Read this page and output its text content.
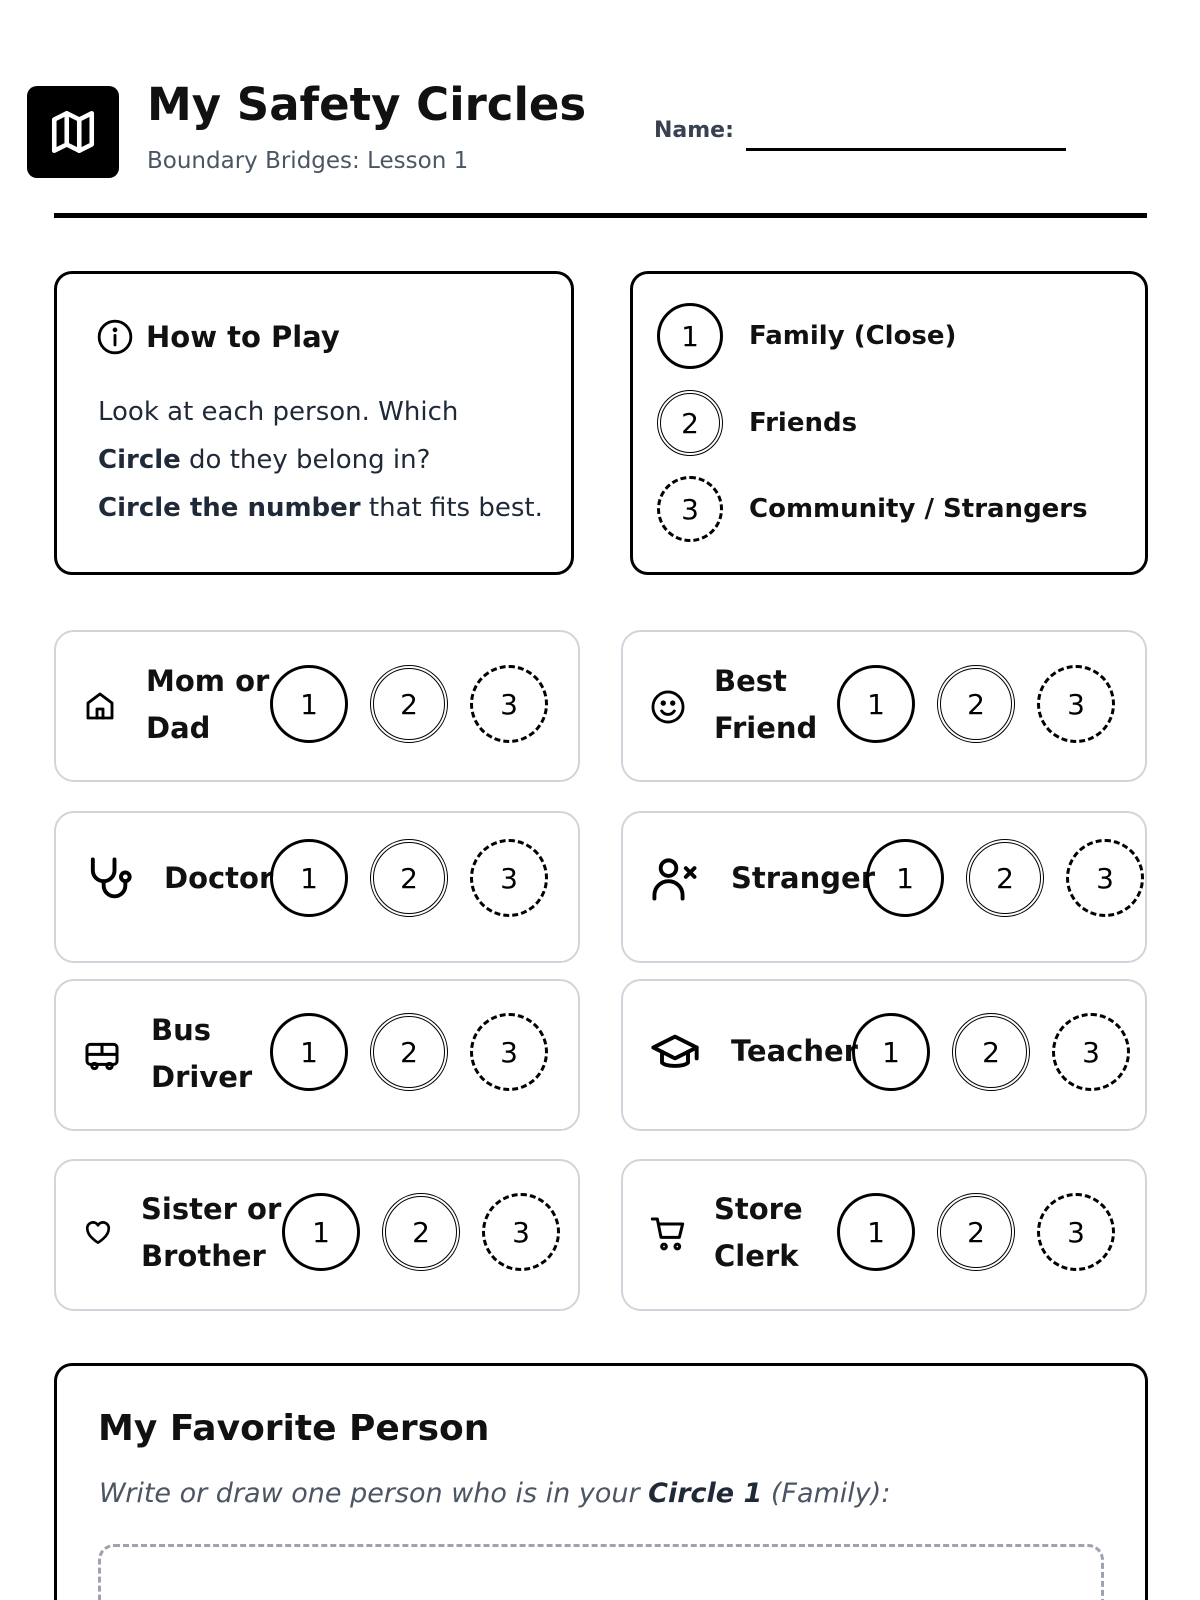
My Safety Circles
Boundary Bridges: Lesson 1
Name:
How to Play
Look at each person. Which
Circle do they belong in?
Circle the number that fits best.
1	Family (Close)
2	Friends
3	Community / Strangers
Mom or
Dad
1	2	3
Best
Friend
1	2	3
Doctor 1	2	3	Stranger 1	2	3
Bus
Driver
1	2	3	Teacher 1	2	3
Sister or
Brother
1	2	3
Store
Clerk
1	2	3
My Favorite Person
Write or draw one person who is in your Circle 1 (Family):
